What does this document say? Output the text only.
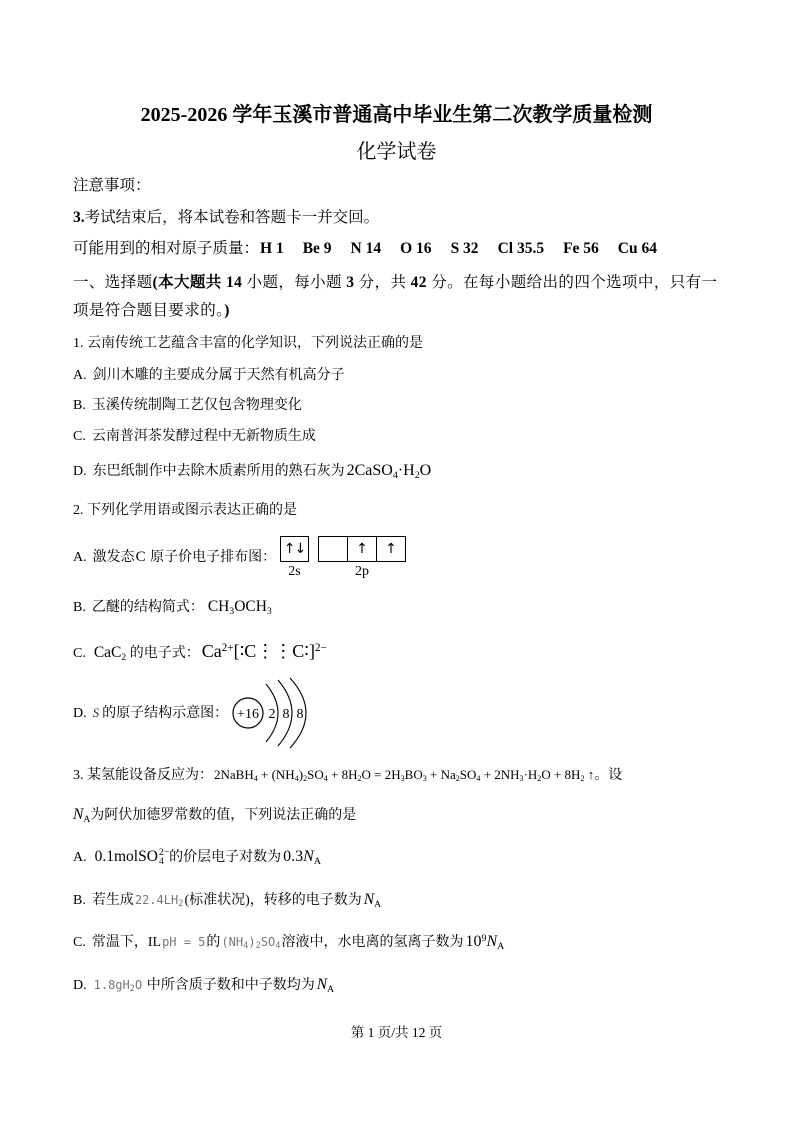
2025-2026 学年玉溪市普通高中毕业生第二次教学质量检测
化学试卷
注意事项：
3.考试结束后，将本试卷和答题卡一并交回。
可能用到的相对原子质量：H 1 Be 9 N 14 O 16 S 32 Cl 35.5 Fe 56 Cu 64
一、选择题(本大题共 14 小题，每小题 3 分，共 42 分。在每小题给出的四个选项中，只有一
项是符合题目要求的。)
1. 云南传统工艺蕴含丰富的化学知识，下列说法正确的是
A. 剑川木雕的主要成分属于天然有机高分子
B. 玉溪传统制陶工艺仅包含物理变化
C. 云南普洱茶发酵过程中无新物质生成
D. 东巴纸制作中去除木质素所用的熟石灰为 2CaSO4·H2O
2. 下列化学用语或图示表达正确的是
A. 激发态C 原子价电子排布图：
↑↓	↑	↑
2s	2p
B. 乙醚的结构简式： CH3OCH3
C. CaC2 的电子式： $Ca^{2+}[∶C⋮⋮C∶]^{2-}$
D. S 的原子结构示意图： +16 2 8 8
3. 某氢能设备反应为：2NaBH4 + (NH4)2SO4 + 8H2O = 2H3BO3 + Na2SO4 + 2NH3·H2O + 8H2 ↑。设
NA为阿伏加德罗常数的值，下列说法正确的是
A. 0.1molSO 2−
4 的价层电子对数为 0.3NA
B. 若生成22.4LH2(标准状况)，转移的电子数为 NA
C. 常温下，ILpH = 5的(NH4)2SO4溶液中，水电离的氢离子数为 $10^9NA$
D. 1.8gH2O 中所含质子数和中子数均为 NA
第 1 页/共 12 页
